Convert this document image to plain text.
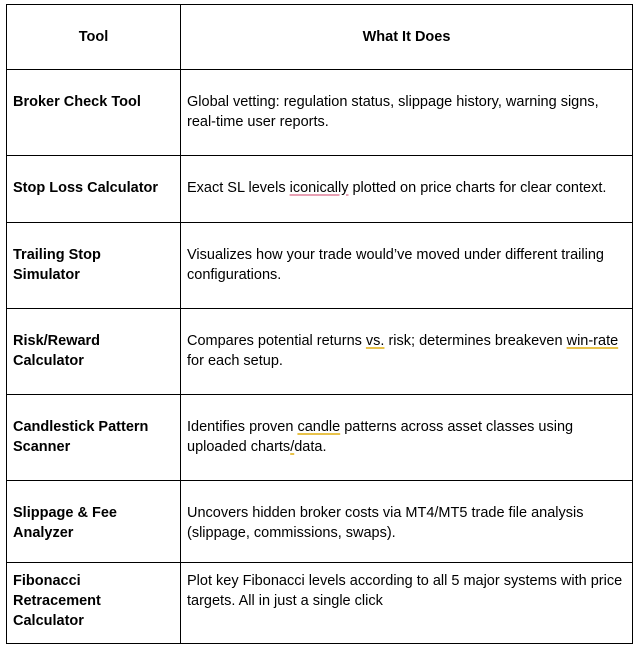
Tool	What It Does
Broker Check Tool	Global vetting: regulation status, slippage history, warning signs, real-time user reports.
Stop Loss Calculator	Exact SL levels iconically plotted on price charts for clear context.
Trailing Stop Simulator	Visualizes how your trade would’ve moved under different trailing configurations.
Risk/Reward Calculator	Compares potential returns vs. risk; determines breakeven win-rate for each setup.
Candlestick Pattern Scanner	Identifies proven candle patterns across asset classes using uploaded charts/data.
Slippage & Fee Analyzer	Uncovers hidden broker costs via MT4/MT5 trade file analysis (slippage, commissions, swaps).
Fibonacci Retracement Calculator	Plot key Fibonacci levels according to all 5 major systems with price targets. All in just a single click
